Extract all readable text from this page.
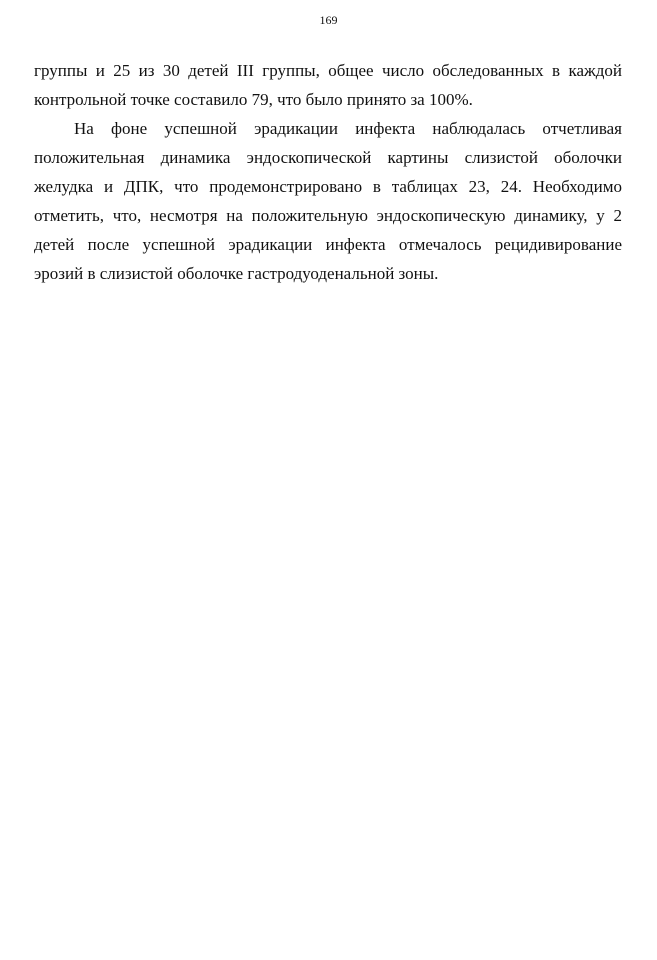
169
группы и 25 из 30 детей III группы, общее число обследованных в каждой
контрольной точке составило 79, что было принято за 100%.
На фоне успешной эрадикации инфекта наблюдалась отчетливая
положительная динамика эндоскопической картины слизистой оболочки
желудка и ДПК, что продемонстрировано в таблицах 23, 24. Необходимо
отметить, что, несмотря на положительную эндоскопическую динамику, у 2
детей после успешной эрадикации инфекта отмечалось рецидивирование
эрозий в слизистой оболочке гастродуоденальной зоны.
